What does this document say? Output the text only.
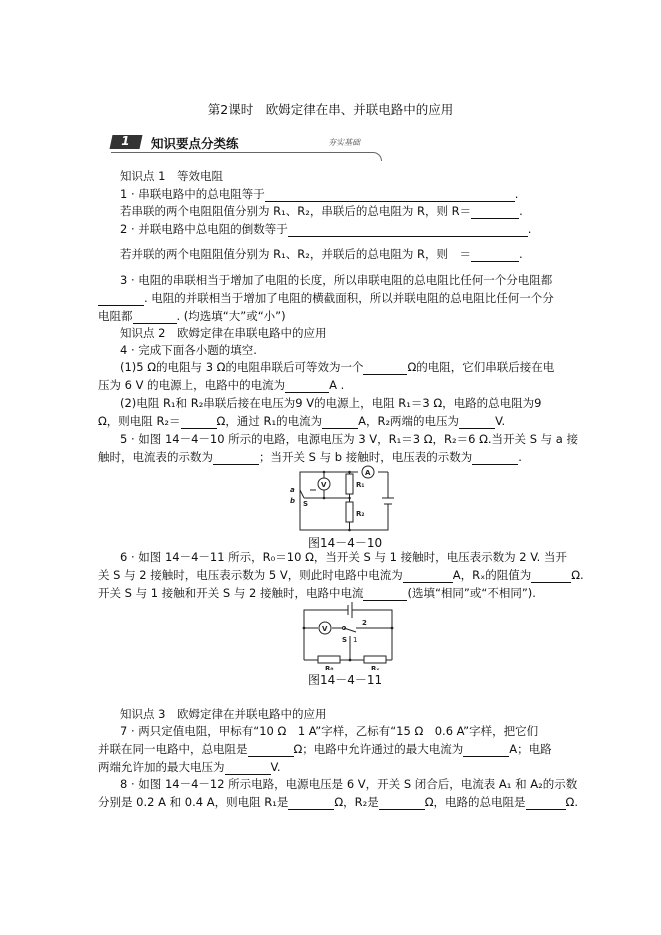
第2课时　欧姆定律在串、并联电路中的应用
1 知识要点分类练	夯实基础
知识点 1　等效电阻
1 · 串联电路中的总电阻等于	.
若串联的两个电阻阻值分别为 R₁、R₂，串联后的总电阻为 R，则 R＝	.
2 · 并联电路中总电阻的倒数等于	.
若并联的两个电阻阻值分别为 R₁、R₂，并联后的总电阻为 R，则　＝	.
3 · 电阻的串联相当于增加了电阻的长度，所以串联电阻的总电阻比任何一个分电阻都
. 电阻的并联相当于增加了电阻的横截面积，所以并联电阻的总电阻比任何一个分
电阻都	. (均选填“大”或“小”)
知识点 2　欧姆定律在串联电路中的应用
4 · 完成下面各小题的填空.
(1)5 Ω的电阻与 3 Ω的电阻串联后可等效为一个	Ω的电阻，它们串联后接在电
压为 6 V 的电源上，电路中的电流为	A .
(2)电阻 R₁和 R₂串联后接在电压为9 V的电源上，电阻 R₁＝3 Ω，电路的总电阻为9
Ω，则电阻 R₂＝	Ω，通过 R₁的电流为	A，R₂两端的电压为	V.
5 · 如图 14－4－10 所示的电路，电源电压为 3 V，R₁＝3 Ω，R₂＝6 Ω.当开关 S 与 a 接
触时，电流表的示数为	；当开关 S 与 b 接触时，电压表的示数为	.
A
V	R₁
R₂
a
b S
图14－4－10
6 · 如图 14－4－11 所示，R₀＝10 Ω，当开关 S 与 1 接触时，电压表示数为 2 V. 当开
关 S 与 2 接触时，电压表示数为 5 V，则此时电路中电流为	A，Rₓ的阻值为	Ω.
开关 S 与 1 接触和开关 S 与 2 接触时，电路中电流	(选填“相同”或“不相同”).
V
2
S 1
R₀	Rₓ
图14－4－11
知识点 3　欧姆定律在并联电路中的应用
7 · 两只定值电阻，甲标有“10 Ω　1 A”字样，乙标有“15 Ω　0.6 A”字样，把它们
并联在同一电路中，总电阻是	Ω；电路中允许通过的最大电流为	A；电路
两端允许加的最大电压为	V.
8 · 如图 14－4－12 所示电路，电源电压是 6 V，开关 S 闭合后，电流表 A₁ 和 A₂的示数
分别是 0.2 A 和 0.4 A，则电阻 R₁是	Ω，R₂是	Ω，电路的总电阻是	Ω.
